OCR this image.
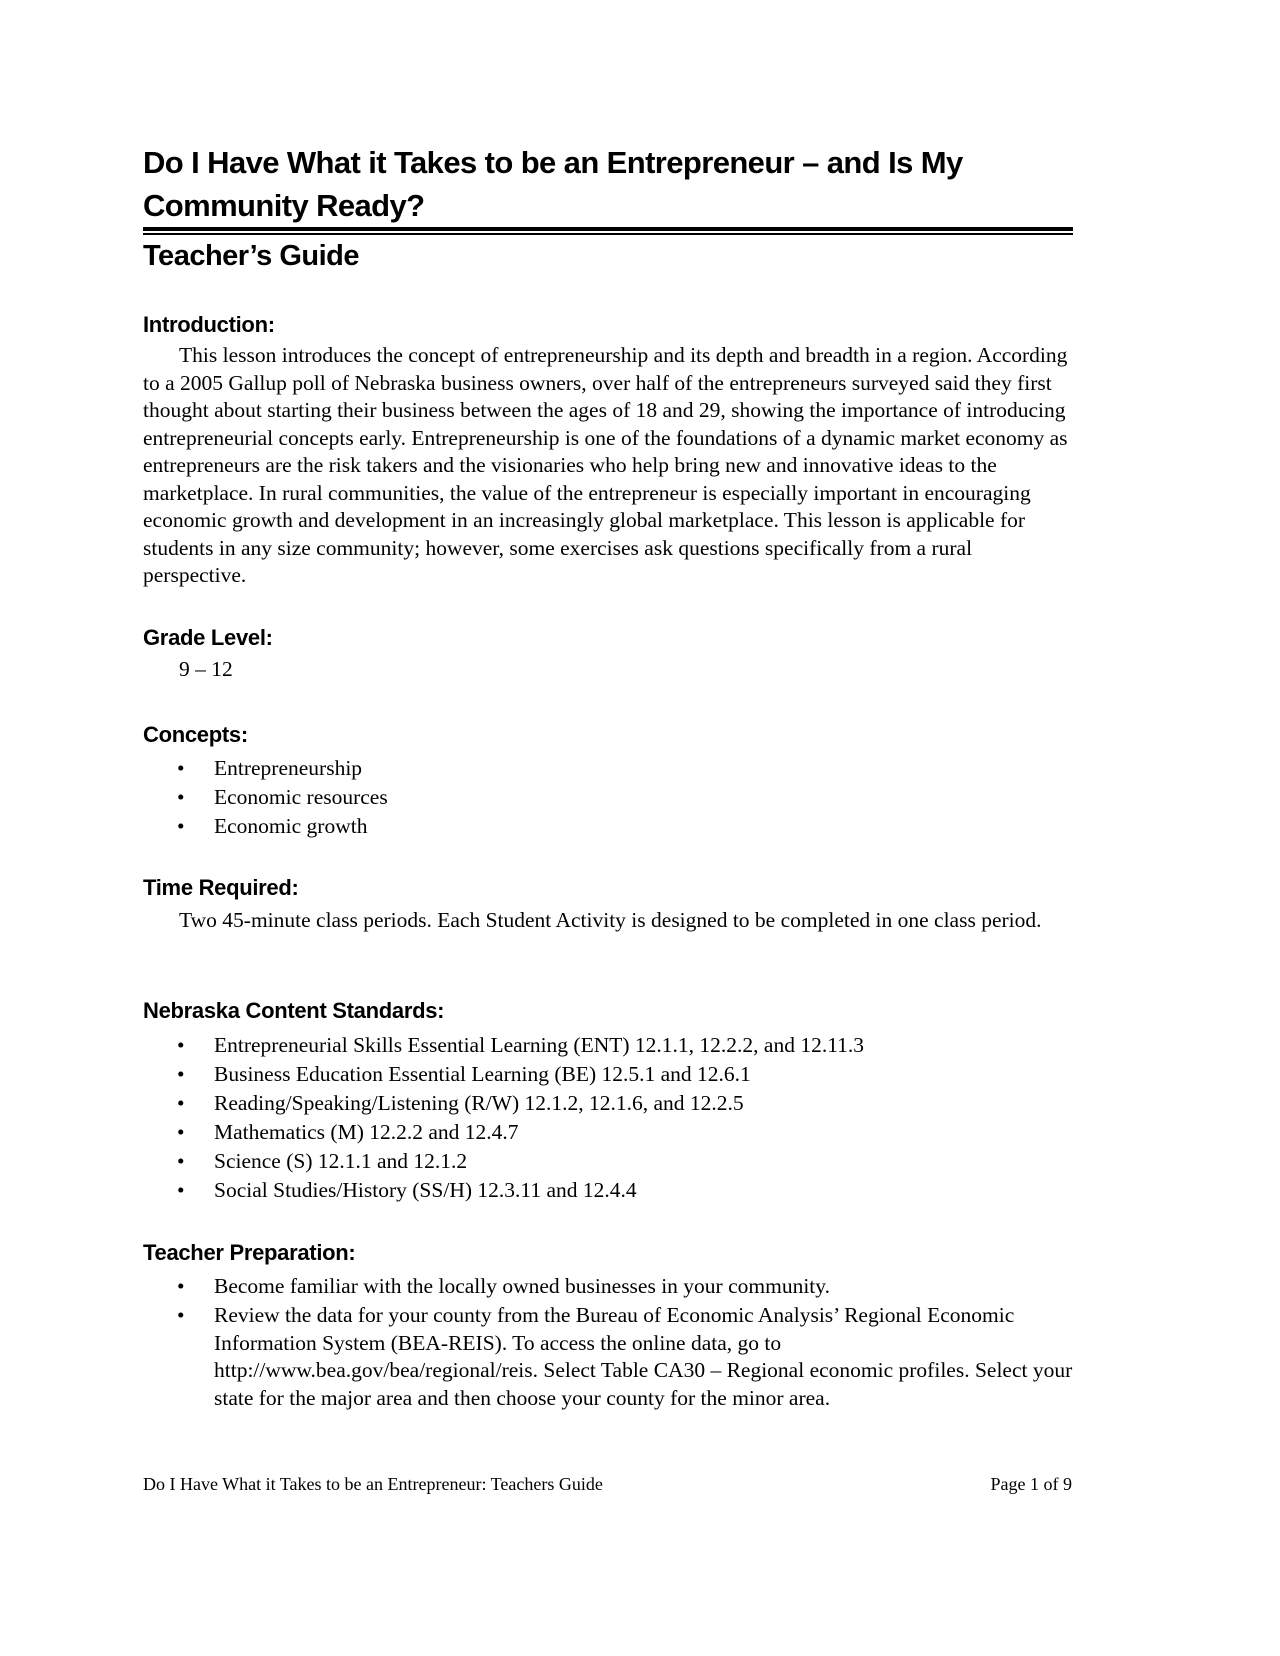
Do I Have What it Takes to be an Entrepreneur – and Is My Community Ready?
Teacher’s Guide
Introduction:

This lesson introduces the concept of entrepreneurship and its depth and breadth in a region. According to a 2005 Gallup poll of Nebraska business owners, over half of the entrepreneurs surveyed said they first thought about starting their business between the ages of 18 and 29, showing the importance of introducing entrepreneurial concepts early. Entrepreneurship is one of the foundations of a dynamic market economy as entrepreneurs are the risk takers and the visionaries who help bring new and innovative ideas to the marketplace. In rural communities, the value of the entrepreneur is especially important in encouraging economic growth and development in an increasingly global marketplace. This lesson is applicable for students in any size community; however, some exercises ask questions specifically from a rural perspective.

Grade Level:
9 – 12
Concepts:
• Entrepreneurship
• Economic resources
• Economic growth
Time Required:

Two 45-minute class periods. Each Student Activity is designed to be completed in one class period.

Nebraska Content Standards:
• Entrepreneurial Skills Essential Learning (ENT) 12.1.1, 12.2.2, and 12.11.3
• Business Education Essential Learning (BE) 12.5.1 and 12.6.1
• Reading/Speaking/Listening (R/W) 12.1.2, 12.1.6, and 12.2.5
• Mathematics (M) 12.2.2 and 12.4.7
• Science (S) 12.1.1 and 12.1.2
• Social Studies/History (SS/H) 12.3.11 and 12.4.4
Teacher Preparation:
• Become familiar with the locally owned businesses in your community.
• Review the data for your county from the Bureau of Economic Analysis’ Regional Economic Information System (BEA-REIS). To access the online data, go to http://www.bea.gov/bea/regional/reis. Select Table CA30 – Regional economic profiles. Select your state for the major area and then choose your county for the minor area.
Do I Have What it Takes to be an Entrepreneur: Teachers Guide	Page 1 of 9
